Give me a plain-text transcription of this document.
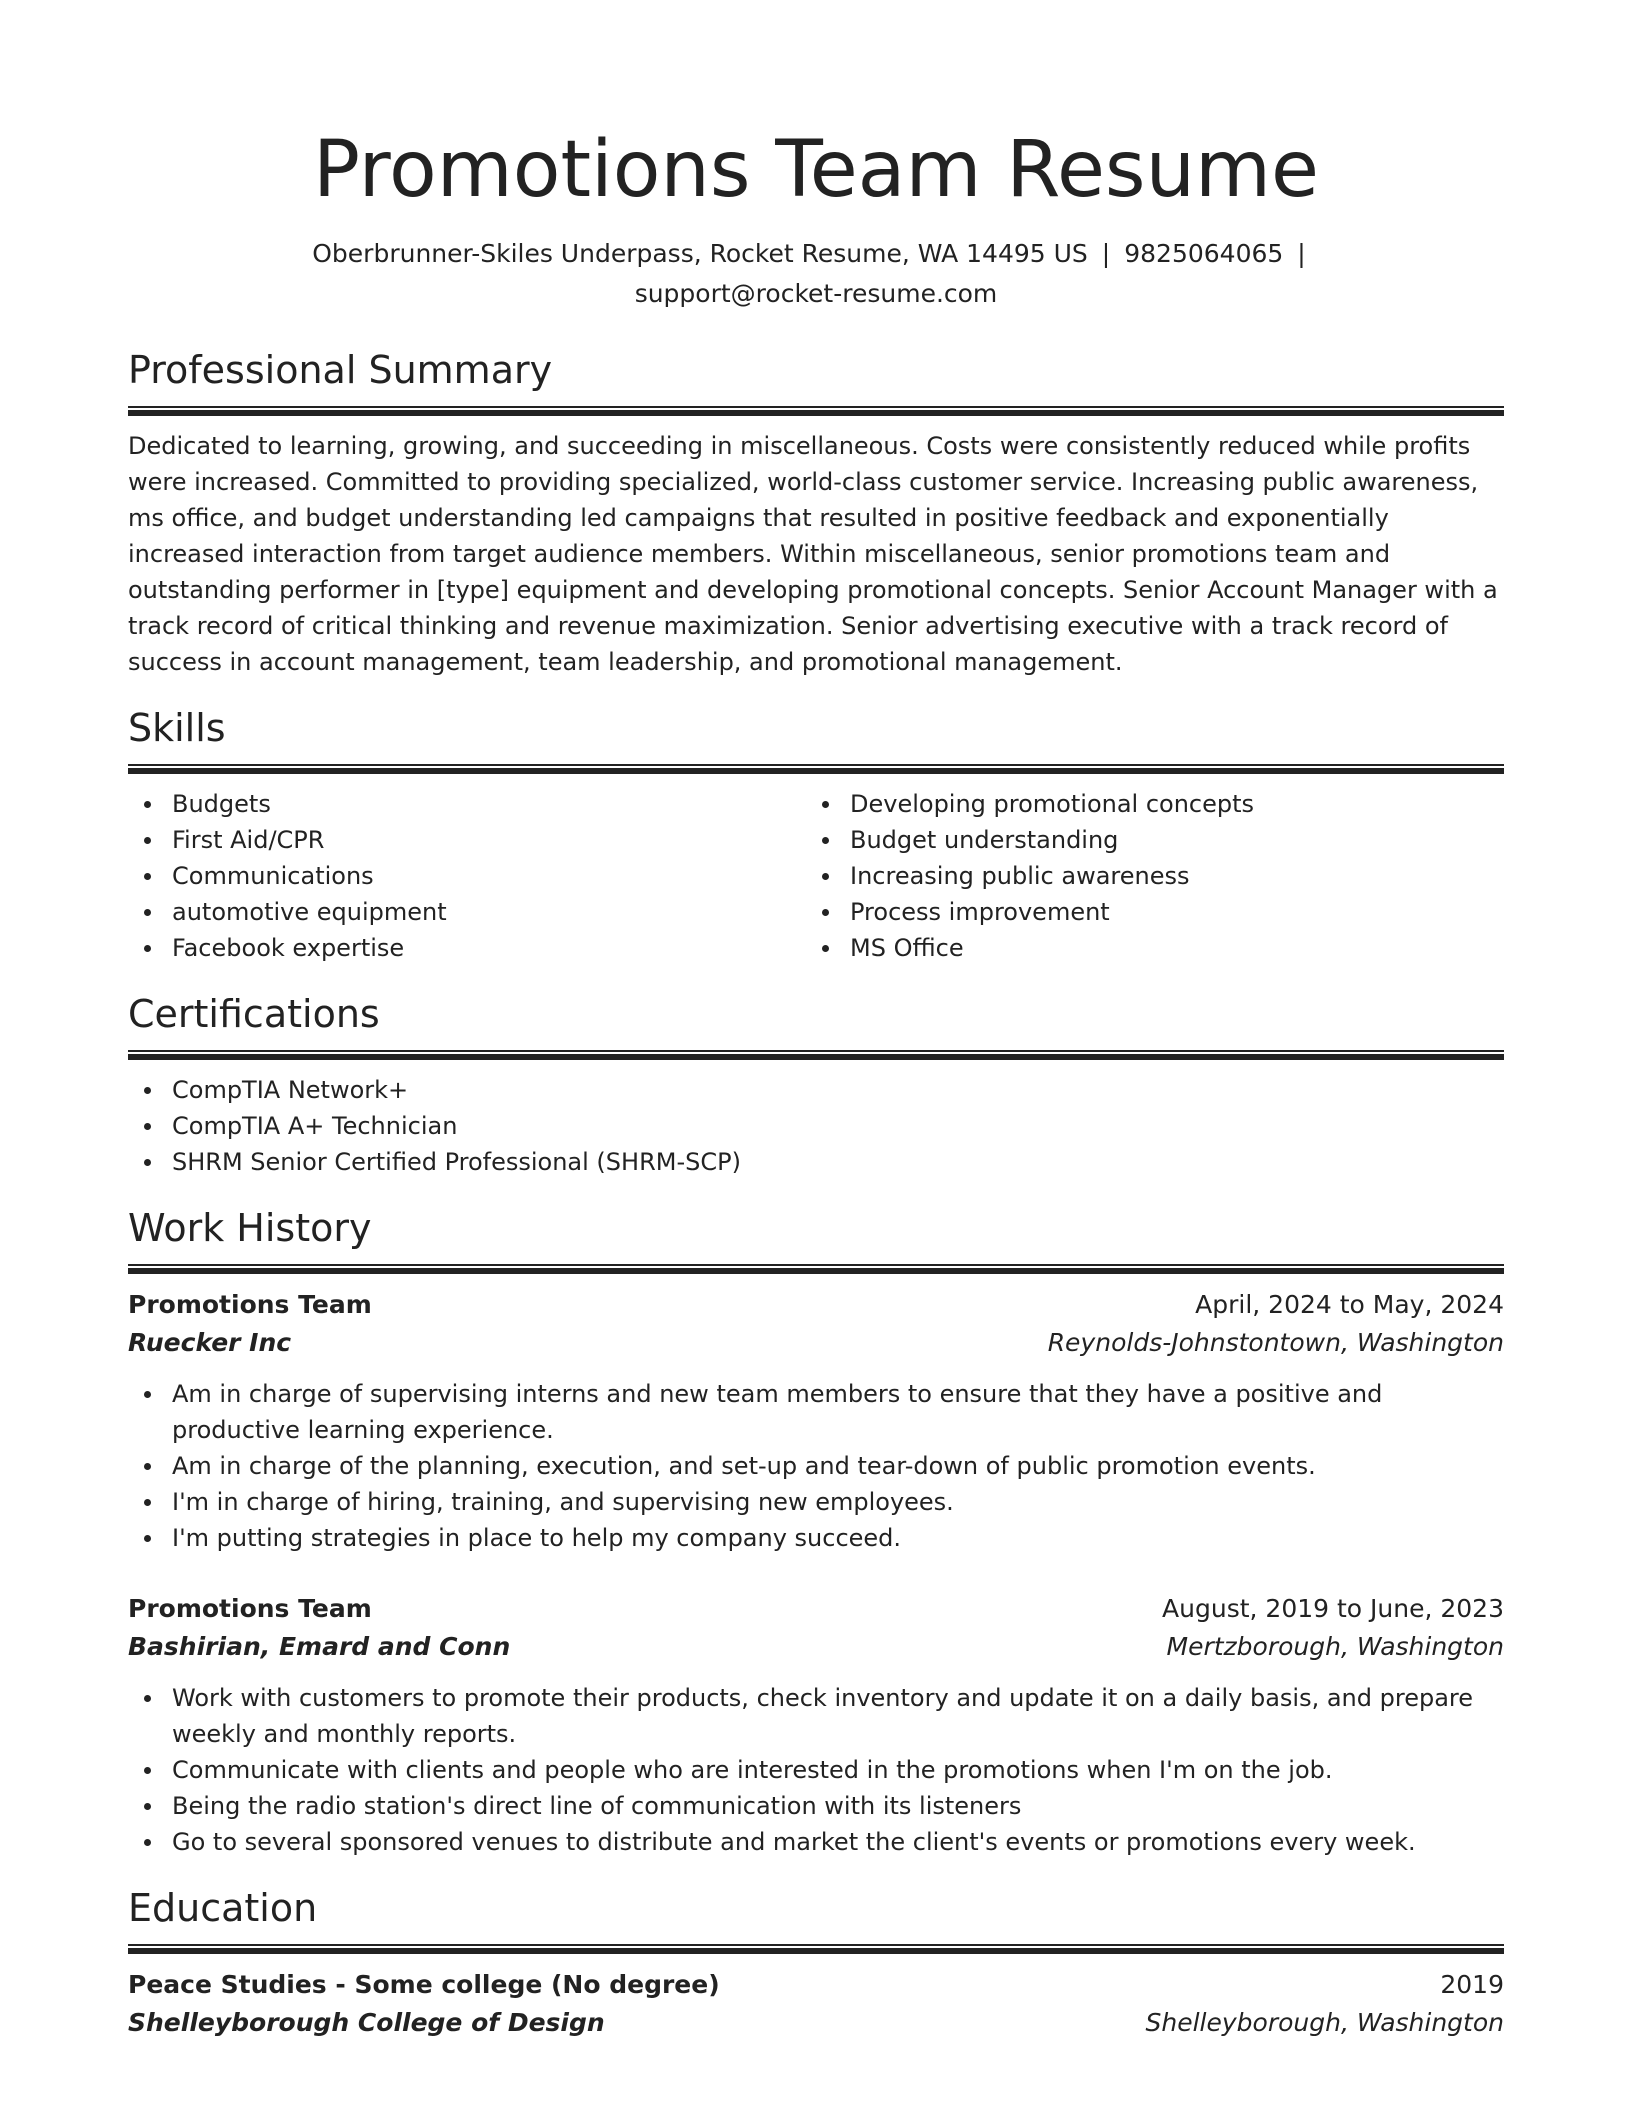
Promotions Team Resume
Oberbrunner-Skiles Underpass, Rocket Resume, WA 14495 US | 9825064065 |
support@rocket-resume.com
Professional Summary

Dedicated to learning, growing, and succeeding in miscellaneous. Costs were consistently reduced while profits were increased. Committed to providing specialized, world-class customer service. Increasing public awareness, ms office, and budget understanding led campaigns that resulted in positive feedback and exponentially increased interaction from target audience members. Within miscellaneous, senior promotions team and outstanding performer in [type] equipment and developing promotional concepts. Senior Account Manager with a track record of critical thinking and revenue maximization. Senior advertising executive with a track record of success in account management, team leadership, and promotional management.

Skills
Budgets
First Aid/CPR
Communications
automotive equipment
Facebook expertise
Developing promotional concepts
Budget understanding
Increasing public awareness
Process improvement
MS Office
Certifications
CompTIA Network+
CompTIA A+ Technician
SHRM Senior Certified Professional (SHRM-SCP)
Work History
Promotions Team	April, 2024 to May, 2024
Ruecker Inc	Reynolds-Johnstontown, Washington
Am in charge of supervising interns and new team members to ensure that they have a positive and productive learning experience.
Am in charge of the planning, execution, and set-up and tear-down of public promotion events.
I'm in charge of hiring, training, and supervising new employees.
I'm putting strategies in place to help my company succeed.
Promotions Team	August, 2019 to June, 2023
Bashirian, Emard and Conn	Mertzborough, Washington
Work with customers to promote their products, check inventory and update it on a daily basis, and prepare weekly and monthly reports.
Communicate with clients and people who are interested in the promotions when I'm on the job.
Being the radio station's direct line of communication with its listeners
Go to several sponsored venues to distribute and market the client's events or promotions every week.
Education
Peace Studies - Some college (No degree)	2019
Shelleyborough College of Design	Shelleyborough, Washington
